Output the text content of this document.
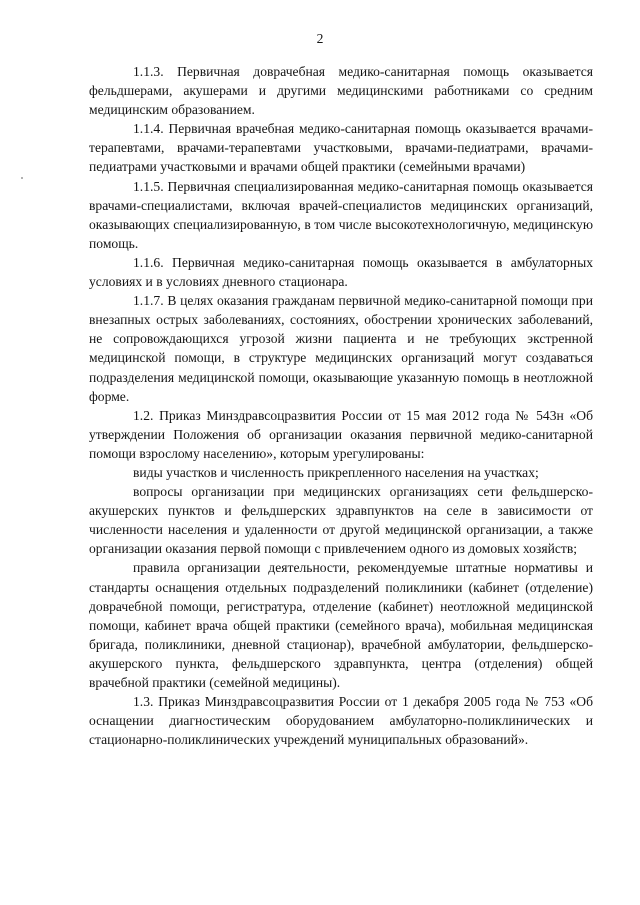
2

1.1.3. Первичная доврачебная медико-санитарная помощь оказывается фельдшерами, акушерами и другими медицинскими работниками со средним медицинским образованием.

1.1.4. Первичная врачебная медико-санитарная помощь оказывается врачами-терапевтами, врачами-терапевтами участковыми, врачами-педиатрами, врачами-педиатрами участковыми и врачами общей практики (семейными врачами)

1.1.5. Первичная специализированная медико-санитарная помощь оказывается врачами-специалистами, включая врачей-специалистов медицинских организаций, оказывающих специализированную, в том числе высокотехнологичную, медицинскую помощь.

1.1.6. Первичная медико-санитарная помощь оказывается в амбулаторных условиях и в условиях дневного стационара.

1.1.7. В целях оказания гражданам первичной медико-санитарной помощи при внезапных острых заболеваниях, состояниях, обострении хронических заболеваний, не сопровождающихся угрозой жизни пациента и не требующих экстренной медицинской помощи, в структуре медицинских организаций могут создаваться подразделения медицинской помощи, оказывающие указанную помощь в неотложной форме.

1.2. Приказ Минздравсоцразвития России от 15 мая 2012 года № 543н «Об утверждении Положения об организации оказания первичной медико-санитарной помощи взрослому населению», которым урегулированы:

виды участков и численность прикрепленного населения на участках;

вопросы организации при медицинских организациях сети фельдшерско-акушерских пунктов и фельдшерских здравпунктов на селе в зависимости от численности населения и удаленности от другой медицинской организации, а также организации оказания первой помощи с привлечением одного из домовых хозяйств;

правила организации деятельности, рекомендуемые штатные нормативы и стандарты оснащения отдельных подразделений поликлиники (кабинет (отделение) доврачебной помощи, регистратура, отделение (кабинет) неотложной медицинской помощи, кабинет врача общей практики (семейного врача), мобильная медицинская бригада, поликлиники, дневной стационар), врачебной амбулатории, фельдшерско-акушерского пункта, фельдшерского здравпункта, центра (отделения) общей врачебной практики (семейной медицины).

1.3. Приказ Минздравсоцразвития России от 1 декабря 2005 года № 753 «Об оснащении диагностическим оборудованием амбулаторно-поликлинических и стационарно-поликлинических учреждений муниципальных образований».
